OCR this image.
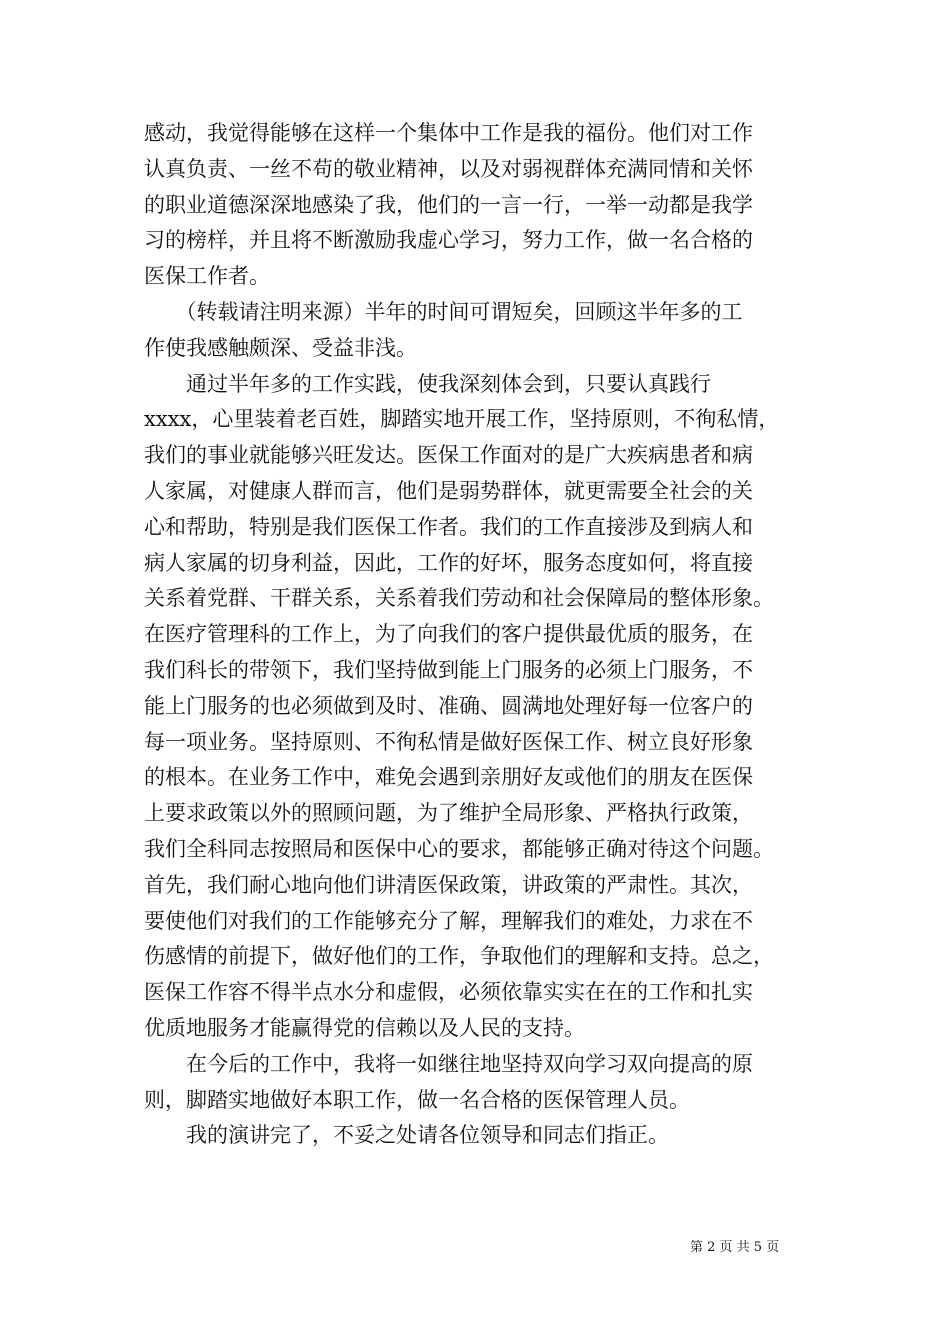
感动，我觉得能够在这样一个集体中工作是我的福份。他们对工作
认真负责、一丝不苟的敬业精神，以及对弱视群体充满同情和关怀
的职业道德深深地感染了我，他们的一言一行，一举一动都是我学
习的榜样，并且将不断激励我虚心学习，努力工作，做一名合格的
医保工作者。
　　（转载请注明来源）半年的时间可谓短矣，回顾这半年多的工
作使我感触颇深、受益非浅。
　　通过半年多的工作实践，使我深刻体会到，只要认真践行
xxxx，心里装着老百姓，脚踏实地开展工作，坚持原则，不徇私情，
我们的事业就能够兴旺发达。医保工作面对的是广大疾病患者和病
人家属，对健康人群而言，他们是弱势群体，就更需要全社会的关
心和帮助，特别是我们医保工作者。我们的工作直接涉及到病人和
病人家属的切身利益，因此，工作的好坏，服务态度如何，将直接
关系着党群、干群关系，关系着我们劳动和社会保障局的整体形象。
在医疗管理科的工作上，为了向我们的客户提供最优质的服务，在
我们科长的带领下，我们坚持做到能上门服务的必须上门服务，不
能上门服务的也必须做到及时、准确、圆满地处理好每一位客户的
每一项业务。坚持原则、不徇私情是做好医保工作、树立良好形象
的根本。在业务工作中，难免会遇到亲朋好友或他们的朋友在医保
上要求政策以外的照顾问题，为了维护全局形象、严格执行政策，
我们全科同志按照局和医保中心的要求，都能够正确对待这个问题。
首先，我们耐心地向他们讲清医保政策，讲政策的严肃性。其次，
要使他们对我们的工作能够充分了解，理解我们的难处，力求在不
伤感情的前提下，做好他们的工作，争取他们的理解和支持。总之，
医保工作容不得半点水分和虚假，必须依靠实实在在的工作和扎实
优质地服务才能赢得党的信赖以及人民的支持。
　　在今后的工作中，我将一如继往地坚持双向学习双向提高的原
则，脚踏实地做好本职工作，做一名合格的医保管理人员。
　　我的演讲完了，不妥之处请各位领导和同志们指正。
第 2 页 共 5 页
